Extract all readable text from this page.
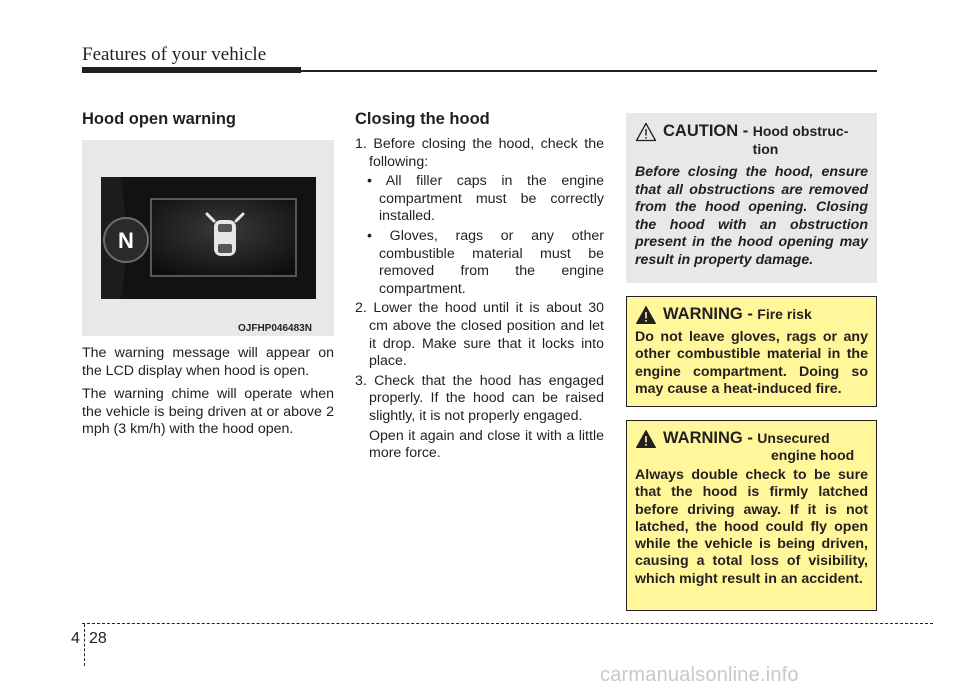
Features of your vehicle
Hood open warning
N
OJFHP046483N

The warning message will appear on the LCD display when hood is open.

The warning chime will operate when the vehicle is being driven at or above 2 mph (3 km/h) with the hood open.

Closing the hood
1. Before closing the hood, check the following:
• All filler caps in the engine compartment must be correctly installed.
• Gloves, rags or any other combustible material must be removed from the engine compartment.
2. Lower the hood until it is about 30 cm above the closed position and let it drop. Make sure that it locks into place.
3. Check that the hood has engaged properly. If the hood can be raised slightly, it is not properly engaged.
Open it again and close it with a little more force.
CAUTION - Hood obstruc-
tion
Before closing the hood, ensure that all obstructions are removed from the hood opening. Closing the hood with an obstruction present in the hood opening may result in property damage.
WARNING - Fire risk
Do not leave gloves, rags or any other combustible material in the engine compartment. Doing so may cause a heat-induced fire.
WARNING - Unsecured
engine hood
Always double check to be sure that the hood is firmly latched before driving away. If it is not latched, the hood could fly open while the vehicle is being driven, causing a total loss of visibility, which might result in an accident.
4 28
carmanualsonline.info
